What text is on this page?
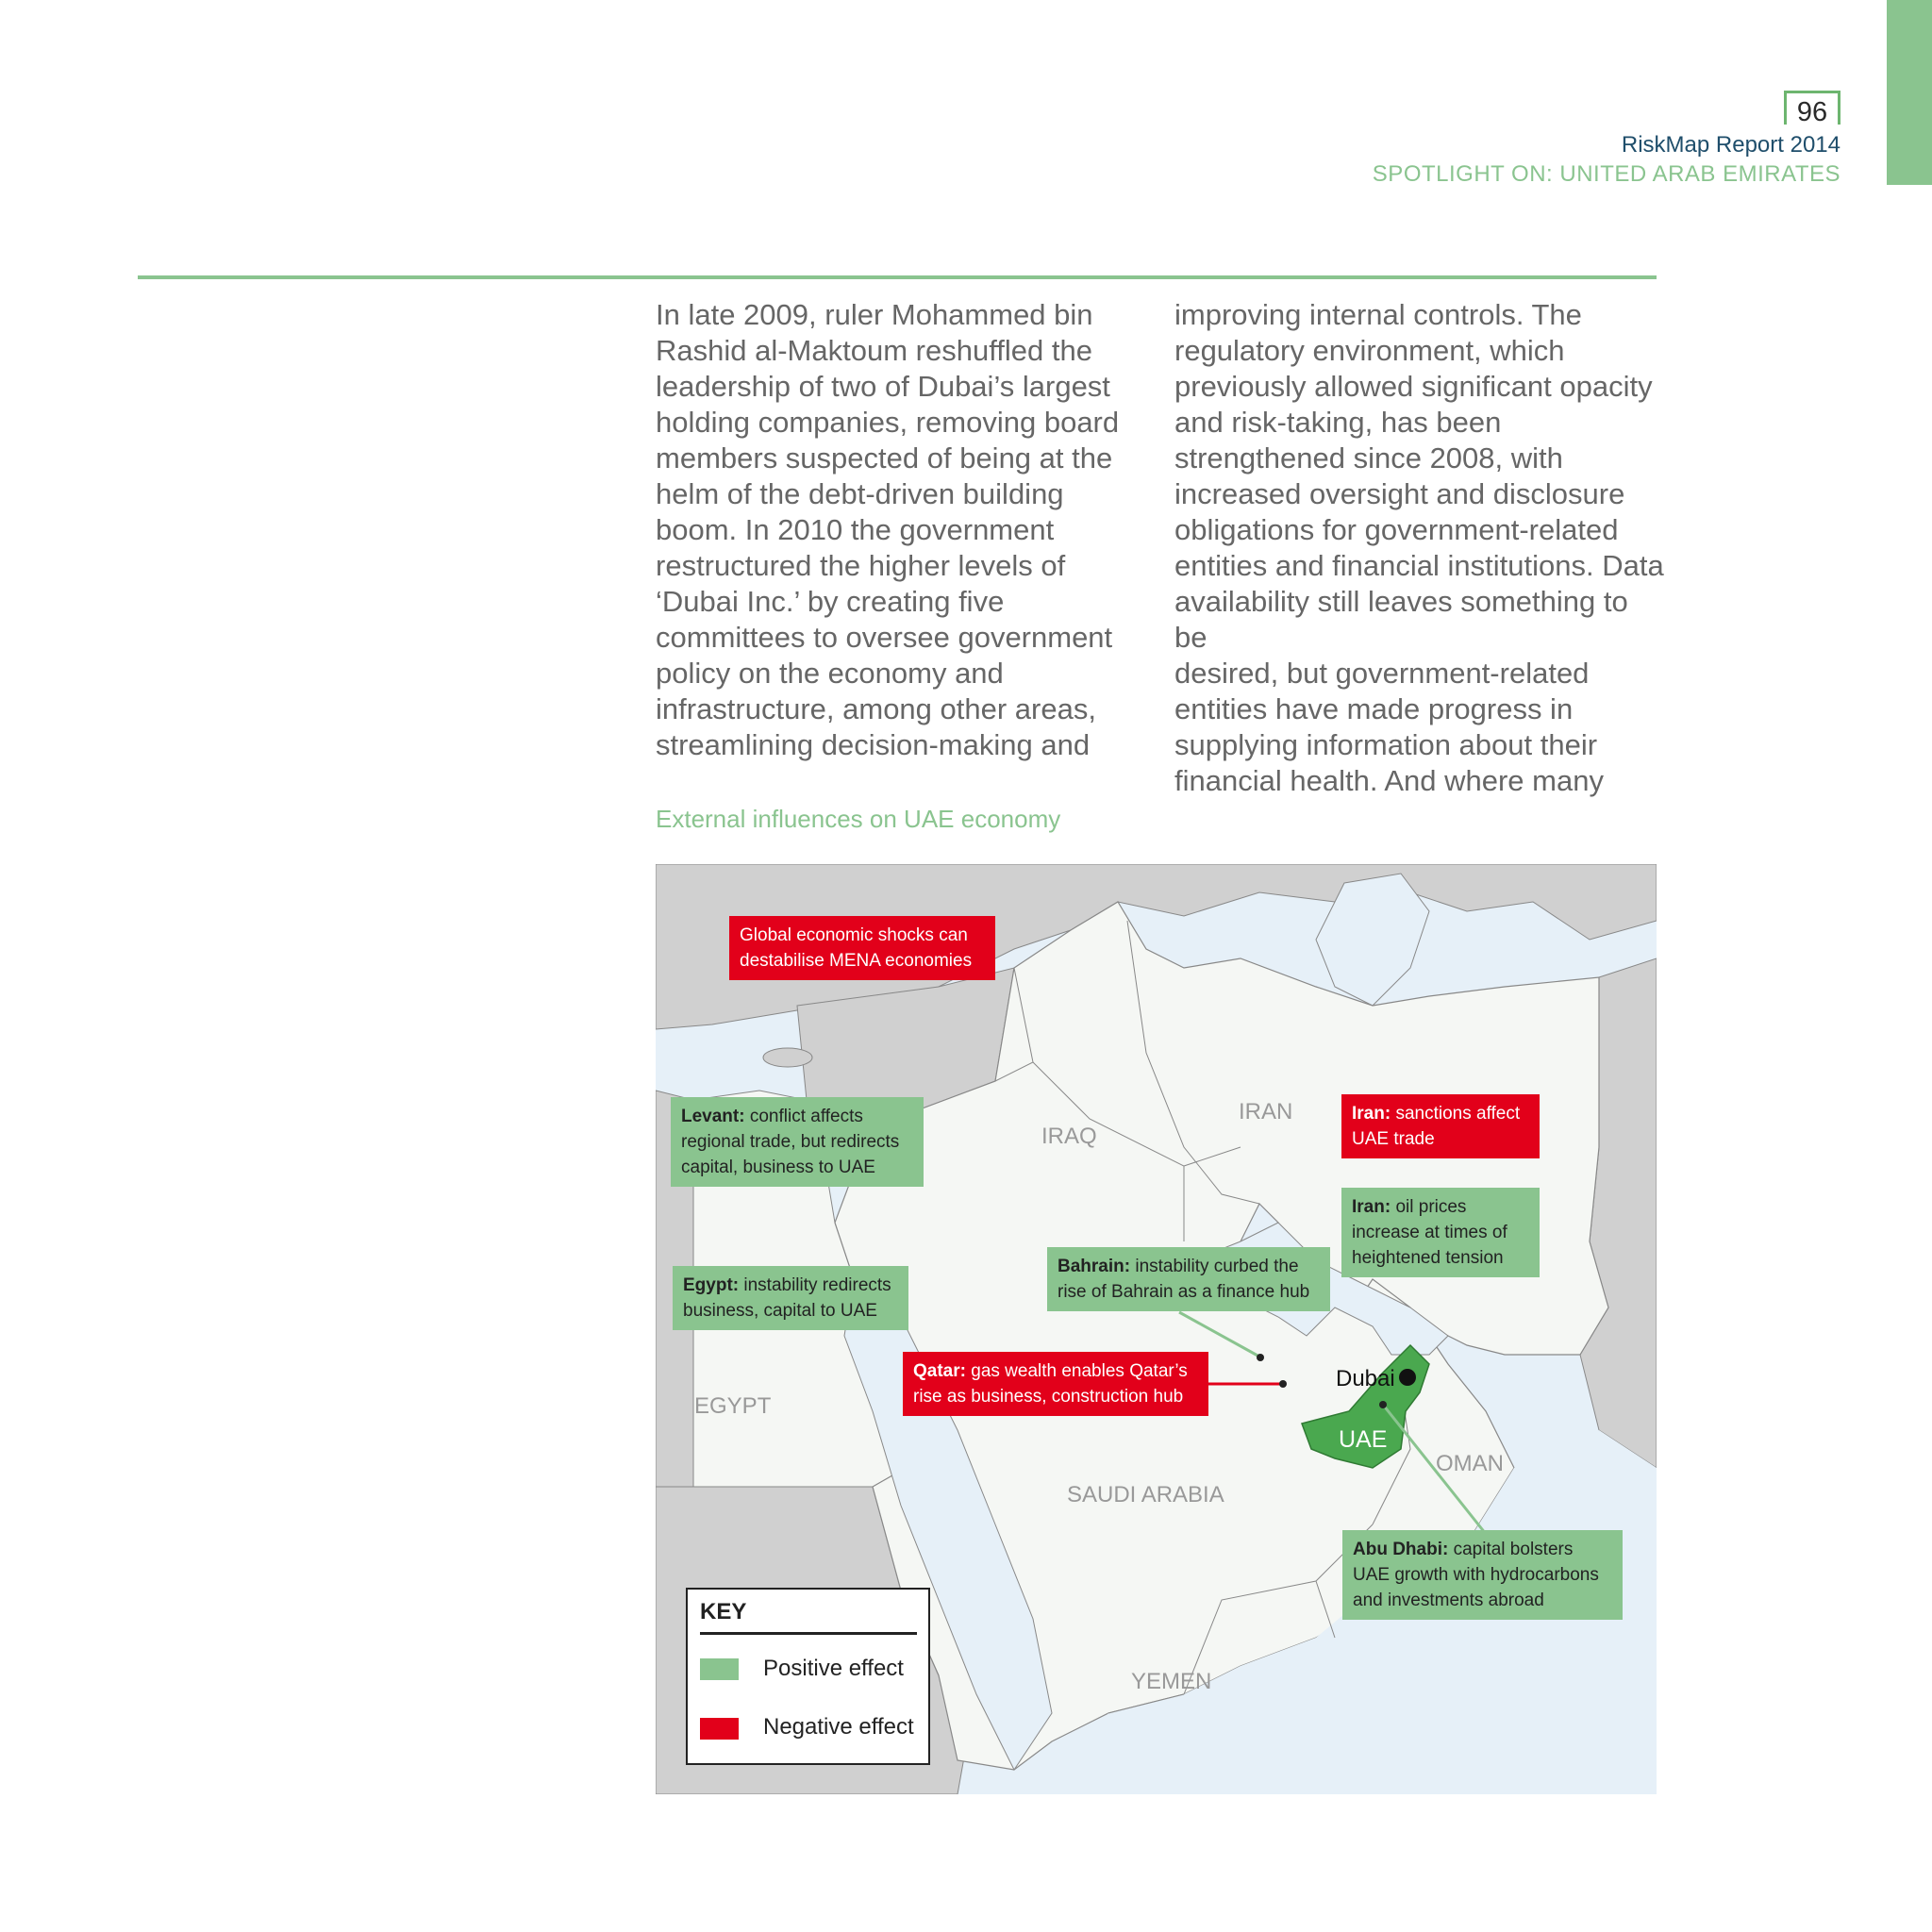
96
RiskMap Report 2014
SPOTLIGHT ON: UNITED ARAB EMIRATES
In late 2009, ruler Mohammed bin
Rashid al-Maktoum reshuffled the
leadership of two of Dubai’s largest
holding companies, removing board
members suspected of being at the
helm of the debt-driven building
boom. In 2010 the government
restructured the higher levels of
‘Dubai Inc.’ by creating five
committees to oversee government
policy on the economy and
infrastructure, among other areas,
streamlining decision-making and
improving internal controls. The
regulatory environment, which
previously allowed significant opacity
and risk-taking, has been
strengthened since 2008, with
increased oversight and disclosure
obligations for government-related
entities and financial institutions. Data
availability still leaves something to be
desired, but government-related
entities have made progress in
supplying information about their
financial health. And where many
External influences on UAE economy
IRAQ
IRAN
EGYPT
SAUDI ARABIA
OMAN
YEMEN
UAE
Dubai
Global economic shocks can destabilise MENA economies
Levant: conflict affects regional trade, but redirects capital, business to UAE
Egypt: instability redirects business, capital to UAE
Iran: sanctions affect UAE trade
Iran: oil prices increase at times of heightened tension
Bahrain: instability curbed the rise of Bahrain as a finance hub
Qatar: gas wealth enables Qatar’s rise as business, construction hub
Abu Dhabi: capital bolsters UAE growth with hydrocarbons and investments abroad
KEY
Positive effect
Negative effect
